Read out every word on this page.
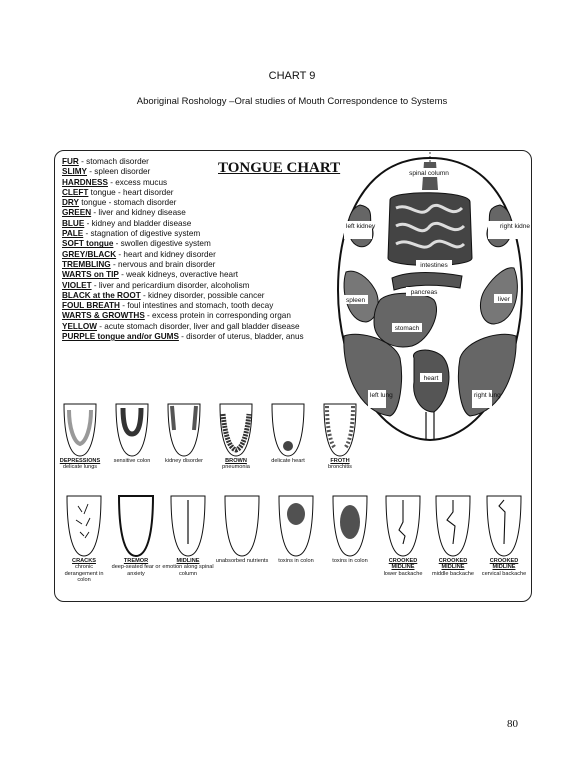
CHART 9
Aboriginal Roshology –Oral studies of Mouth Correspondence to Systems
TONGUE CHART
FUR - stomach disorder
SLIMY - spleen disorder
HARDNESS - excess mucus
CLEFT tongue - heart disorder
DRY tongue - stomach disorder
GREEN - liver and kidney disease
BLUE - kidney and bladder disease
PALE - stagnation of digestive system
SOFT tongue - swollen digestive system
GREY/BLACK - heart and kidney disorder
TREMBLING - nervous and brain disorder
WARTS on TIP - weak kidneys, overactive heart
VIOLET - liver and pericardium disorder, alcoholism
BLACK at the ROOT - kidney disorder, possible cancer
FOUL BREATH - foul intestines and stomach, tooth decay
WARTS & GROWTHS - excess protein in corresponding organ
YELLOW - acute stomach disorder, liver and gall bladder disease
PURPLE tongue and/or GUMS - disorder of uterus, bladder, anus
spinal column
left kidney	right kidney
intestines
pancreas
spleen	liver
stomach
heart
left lung	right lung
DEPRESSIONS
delicate lungs
sensitive colon	kidney disorder	BROWN
pneumonia
delicate heart	FROTH
bronchitis
CRACKS
chronic derangement in colon
TREMOR
deep-seated fear or anxiety
MIDLINE
emotion along spinal column
unabsorbed nutrients	toxins in colon	toxins in colon	CROOKED MIDLINE
lower backache
CROOKED MIDLINE
middle backache
CROOKED MIDLINE
cervical backache
80
